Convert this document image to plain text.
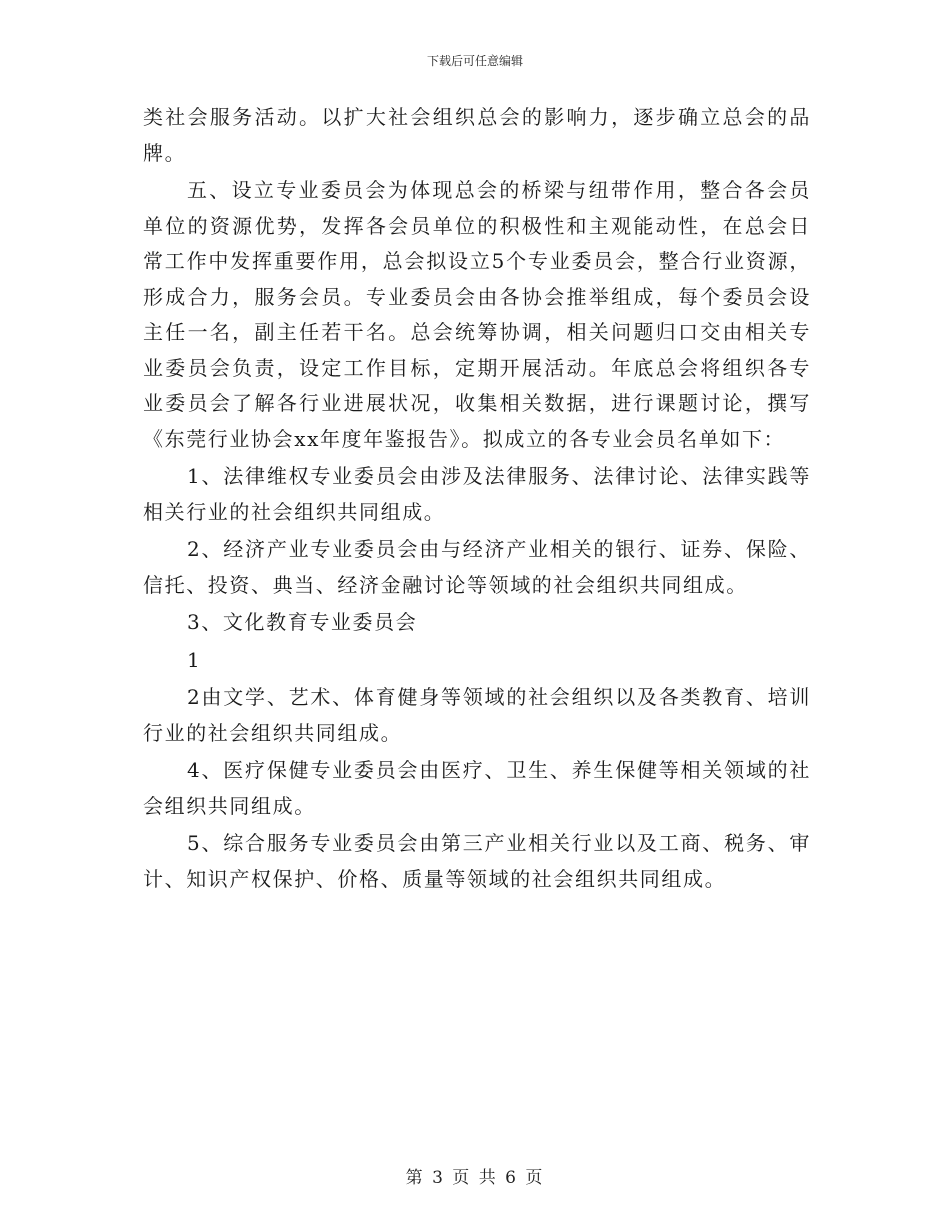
下载后可任意编辑

类社会服务活动。以扩大社会组织总会的影响力，逐步确立总会的品牌。

五、设立专业委员会为体现总会的桥梁与纽带作用，整合各会员单位的资源优势，发挥各会员单位的积极性和主观能动性，在总会日常工作中发挥重要作用，总会拟设立5个专业委员会，整合行业资源，形成合力，服务会员。专业委员会由各协会推举组成，每个委员会设主任一名，副主任若干名。总会统筹协调，相关问题归口交由相关专业委员会负责，设定工作目标，定期开展活动。年底总会将组织各专业委员会了解各行业进展状况，收集相关数据，进行课题讨论，撰写《东莞行业协会xx年度年鉴报告》。拟成立的各专业会员名单如下：

1、法律维权专业委员会由涉及法律服务、法律讨论、法律实践等相关行业的社会组织共同组成。

2、经济产业专业委员会由与经济产业相关的银行、证券、保险、信托、投资、典当、经济金融讨论等领域的社会组织共同组成。

3、文化教育专业委员会

1

2由文学、艺术、体育健身等领域的社会组织以及各类教育、培训行业的社会组织共同组成。

4、医疗保健专业委员会由医疗、卫生、养生保健等相关领域的社会组织共同组成。

5、综合服务专业委员会由第三产业相关行业以及工商、税务、审计、知识产权保护、价格、质量等领域的社会组织共同组成。

第 3 页 共 6 页
